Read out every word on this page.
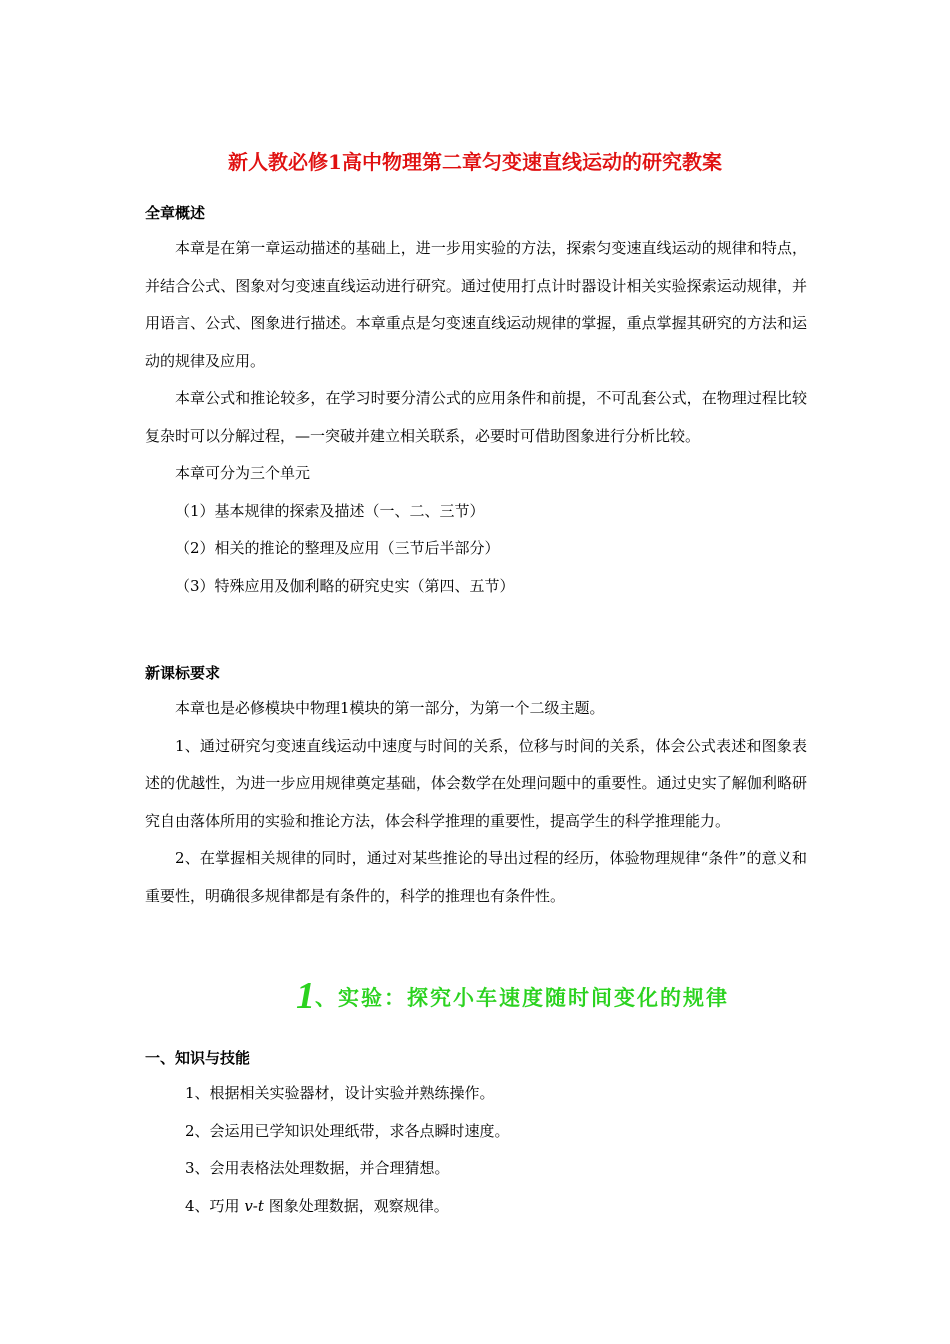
新人教必修1高中物理第二章匀变速直线运动的研究教案

全章概述

本章是在第一章运动描述的基础上，进一步用实验的方法，探索匀变速直线运动的规律和特点，并结合公式、图象对匀变速直线运动进行研究。通过使用打点计时器设计相关实验探索运动规律，并用语言、公式、图象进行描述。本章重点是匀变速直线运动规律的掌握，重点掌握其研究的方法和运动的规律及应用。

本章公式和推论较多，在学习时要分清公式的应用条件和前提，不可乱套公式，在物理过程比较复杂时可以分解过程，—一突破并建立相关联系，必要时可借助图象进行分析比较。

本章可分为三个单元

（1）基本规律的探索及描述（一、二、三节）

（2）相关的推论的整理及应用（三节后半部分）

（3）特殊应用及伽利略的研究史实（第四、五节）

新课标要求

本章也是必修模块中物理1模块的第一部分，为第一个二级主题。

1、通过研究匀变速直线运动中速度与时间的关系，位移与时间的关系，体会公式表述和图象表述的优越性，为进一步应用规律奠定基础，体会数学在处理问题中的重要性。通过史实了解伽利略研究自由落体所用的实验和推论方法，体会科学推理的重要性，提高学生的科学推理能力。

2、在掌握相关规律的同时，通过对某些推论的导出过程的经历，体验物理规律“条件”的意义和重要性，明确很多规律都是有条件的，科学的推理也有条件性。

1、实验：探究小车速度随时间变化的规律

一、知识与技能

1、根据相关实验器材，设计实验并熟练操作。

2、会运用已学知识处理纸带，求各点瞬时速度。

3、会用表格法处理数据，并合理猜想。

4、巧用 v-t 图象处理数据，观察规律。
